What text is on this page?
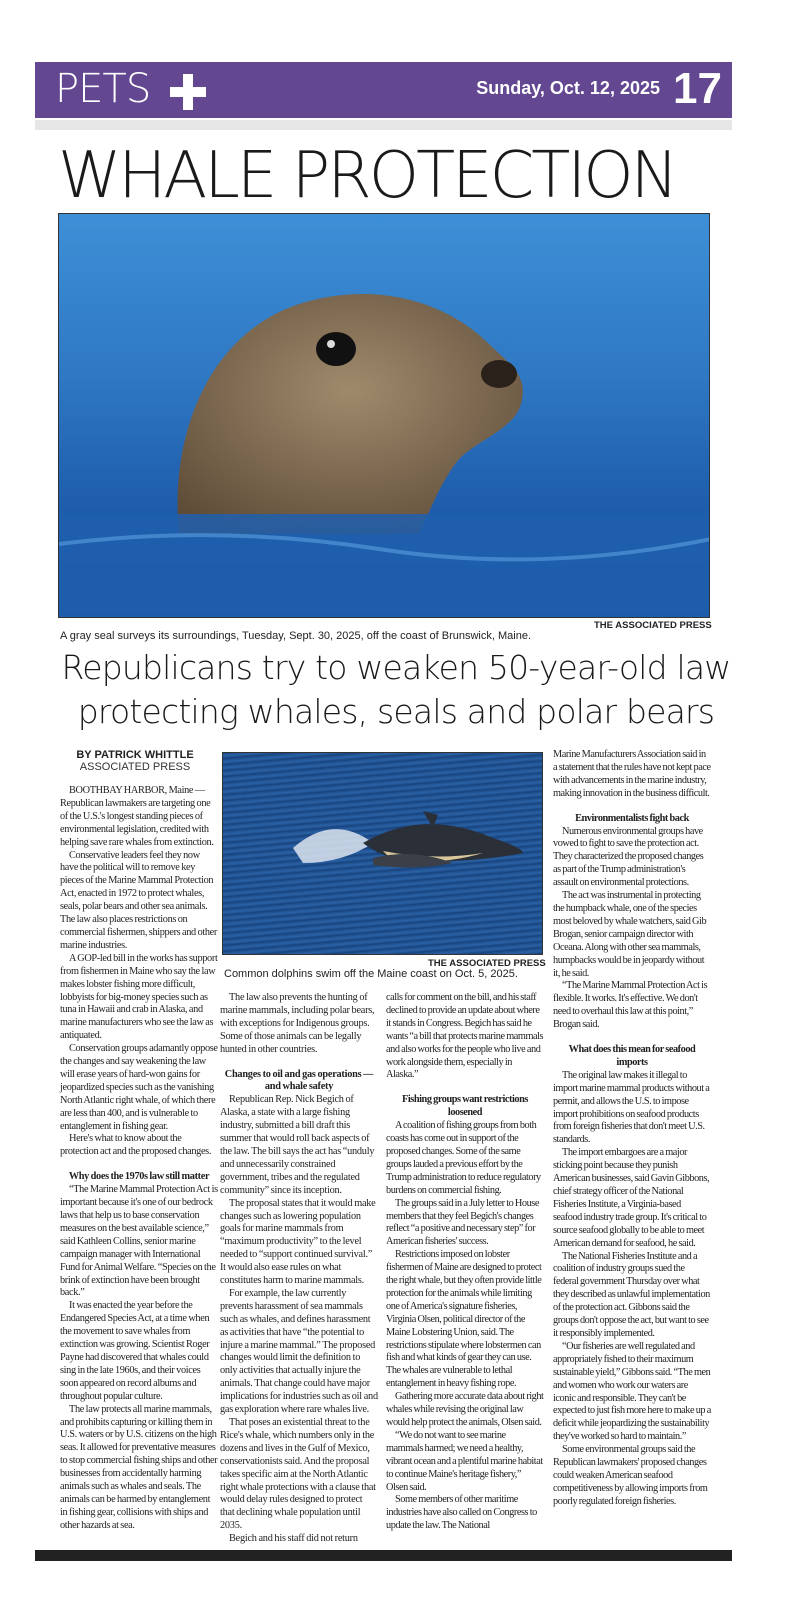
PETS	Sunday, Oct. 12, 2025 17
WHALE PROTECTION
THE ASSOCIATED PRESS
A gray seal surveys its surroundings, Tuesday, Sept. 30, 2025, off the coast of Brunswick, Maine.
Republicans try to weaken 50-year-old law protecting whales, seals and polar bears
BY PATRICK WHITTLE
ASSOCIATED PRESS
THE ASSOCIATED PRESS
Common dolphins swim off the Maine coast on Oct. 5, 2025.

BOOTHBAY HARBOR, Maine — Republican lawmakers are targeting one of the U.S.'s longest standing pieces of environmental legislation, credited with helping save rare whales from extinction.

Conservative leaders feel they now have the political will to remove key pieces of the Marine Mammal Protection Act, enacted in 1972 to protect whales, seals, polar bears and other sea animals. The law also places restrictions on commercial fishermen, shippers and other marine industries.

A GOP-led bill in the works has support from fishermen in Maine who say the law makes lobster fishing more difficult, lobbyists for big-money species such as tuna in Hawaii and crab in Alaska, and marine manufacturers who see the law as antiquated.

Conservation groups adamantly oppose the changes and say weakening the law will erase years of hard-won gains for jeopardized species such as the vanishing North Atlantic right whale, of which there are less than 400, and is vulnerable to entanglement in fishing gear.

Here's what to know about the protection act and the proposed changes.

Why does the 1970s law still matter

“The Marine Mammal Protection Act is important because it's one of our bedrock laws that help us to base conservation measures on the best available science,” said Kathleen Collins, senior marine campaign manager with International Fund for Animal Welfare. “Species on the brink of extinction have been brought back.”

It was enacted the year before the Endangered Species Act, at a time when the movement to save whales from extinction was growing. Scientist Roger Payne had discovered that whales could sing in the late 1960s, and their voices soon appeared on record albums and throughout popular culture.

The law protects all marine mammals, and prohibits capturing or killing them in U.S. waters or by U.S. citizens on the high seas. It allowed for preventative measures to stop commercial fishing ships and other businesses from accidentally harming animals such as whales and seals. The animals can be harmed by entanglement in fishing gear, collisions with ships and other hazards at sea.

The law also prevents the hunting of marine mammals, including polar bears, with exceptions for Indigenous groups. Some of those animals can be legally hunted in other countries.

Changes to oil and gas operations — and whale safety

Republican Rep. Nick Begich of Alaska, a state with a large fishing industry, submitted a bill draft this summer that would roll back aspects of the law. The bill says the act has “unduly and unnecessarily constrained government, tribes and the regulated community” since its inception.

The proposal states that it would make changes such as lowering population goals for marine mammals from “maximum productivity” to the level needed to “support continued survival.” It would also ease rules on what constitutes harm to marine mammals.

For example, the law currently prevents harassment of sea mammals such as whales, and defines harassment as activities that have “the potential to injure a marine mammal.” The proposed changes would limit the definition to only activities that actually injure the animals. That change could have major implications for industries such as oil and gas exploration where rare whales live.

That poses an existential threat to the Rice's whale, which numbers only in the dozens and lives in the Gulf of Mexico, conservationists said. And the proposal takes specific aim at the North Atlantic right whale protections with a clause that would delay rules designed to protect that declining whale population until 2035.

Begich and his staff did not return

calls for comment on the bill, and his staff declined to provide an update about where it stands in Congress. Begich has said he wants “a bill that protects marine mammals and also works for the people who live and work alongside them, especially in Alaska.”

Fishing groups want restrictions loosened

A coalition of fishing groups from both coasts has come out in support of the proposed changes. Some of the same groups lauded a previous effort by the Trump administration to reduce regulatory burdens on commercial fishing.

The groups said in a July letter to House members that they feel Begich's changes reflect “a positive and necessary step” for American fisheries' success.

Restrictions imposed on lobster fishermen of Maine are designed to protect the right whale, but they often provide little protection for the animals while limiting one of America's signature fisheries, Virginia Olsen, political director of the Maine Lobstering Union, said. The restrictions stipulate where lobstermen can fish and what kinds of gear they can use. The whales are vulnerable to lethal entanglement in heavy fishing rope.

Gathering more accurate data about right whales while revising the original law would help protect the animals, Olsen said.

“We do not want to see marine mammals harmed; we need a healthy, vibrant ocean and a plentiful marine habitat to continue Maine's heritage fishery,” Olsen said.

Some members of other maritime industries have also called on Congress to update the law. The National

Marine Manufacturers Association said in a statement that the rules have not kept pace with advancements in the marine industry, making innovation in the business difficult.

Environmentalists fight back

Numerous environmental groups have vowed to fight to save the protection act. They characterized the proposed changes as part of the Trump administration's assault on environmental protections.

The act was instrumental in protecting the humpback whale, one of the species most beloved by whale watchers, said Gib Brogan, senior campaign director with Oceana. Along with other sea mammals, humpbacks would be in jeopardy without it, he said.

“The Marine Mammal Protection Act is flexible. It works. It's effective. We don't need to overhaul this law at this point,” Brogan said.

What does this mean for seafood imports

The original law makes it illegal to import marine mammal products without a permit, and allows the U.S. to impose import prohibitions on seafood products from foreign fisheries that don't meet U.S. standards.

The import embargoes are a major sticking point because they punish American businesses, said Gavin Gibbons, chief strategy officer of the National Fisheries Institute, a Virginia-based seafood industry trade group. It's critical to source seafood globally to be able to meet American demand for seafood, he said.

The National Fisheries Institute and a coalition of industry groups sued the federal government Thursday over what they described as unlawful implementation of the protection act. Gibbons said the groups don't oppose the act, but want to see it responsibly implemented.

“Our fisheries are well regulated and appropriately fished to their maximum sustainable yield,” Gibbons said. “The men and women who work our waters are iconic and responsible. They can't be expected to just fish more here to make up a deficit while jeopardizing the sustainability they've worked so hard to maintain.”

Some environmental groups said the Republican lawmakers' proposed changes could weaken American seafood competitiveness by allowing imports from poorly regulated foreign fisheries.
